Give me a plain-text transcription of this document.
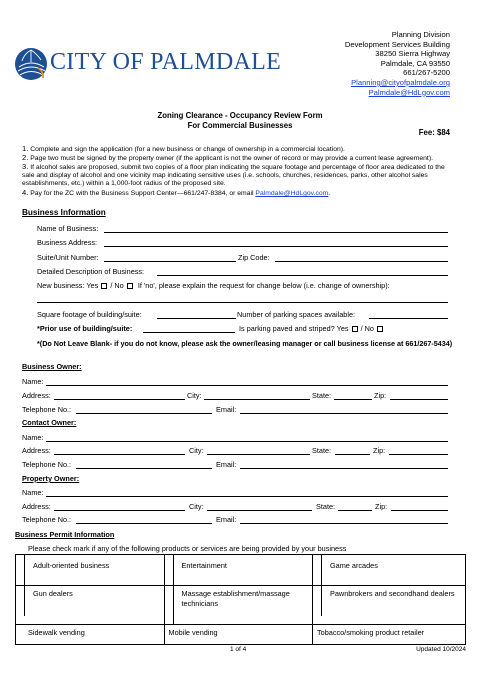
CITY OF PALMDALE
Planning Division
Development Services Building
38250 Sierra Highway
Palmdale, CA 93550
661/267-5200
Planning@cityofpalmdale.org
Palmdale@HdLgov.com
Zoning Clearance - Occupancy Review Form
For Commercial Businesses
Fee: $84
1. Complete and sign the application (for a new business or change of ownership in a commercial location).
2. Page two must be signed by the property owner (if the applicant is not the owner of record or may provide a current lease agreement).
3. If alcohol sales are proposed, submit two copies of a floor plan indicating the square footage and percentage of floor area dedicated to the sale and display of alcohol and one vicinity map indicating sensitive uses (i.e. schools, churches, residences, parks, other alcohol sales establishments, etc.) within a 1,000-foot radius of the proposed site.
4. Pay for the ZC with the Business Support Center—661/247-8384, or email Palmdale@HdLgov.com.
Business Information
Name of Business:
Business Address:
Suite/Unit Number:	Zip Code:
Detailed Description of Business:
New business: Yes / No If 'no', please explain the request for change below (i.e. change of ownership):
Square footage of building/suite:	Number of parking spaces available:
*Prior use of building/suite:	Is parking paved and striped? Yes / No
*(Do Not Leave Blank- if you do not know, please ask the owner/leasing manager or call business license at 661/267-5434)
Business Owner:
Name:
Address:	City:	State:	Zip:
Telephone No.:	Email:
Contact Owner:
Name:
Address:	City:	State:	Zip:
Telephone No.:	Email:
Property Owner:
Name:
Address:	City:	State:	Zip:
Telephone No.:	Email:
Business Permit Information
Please check mark if any of the following products or services are being provided by your business
Adult-oriented business	Entertainment	Game arcades

Gun dealers	Massage establishment/massage technicians	Pawnbrokers and secondhand dealers

Sidewalk vending	Mobile vending	Tobacco/smoking product retailer
1 of 4	Updated 10/2024
